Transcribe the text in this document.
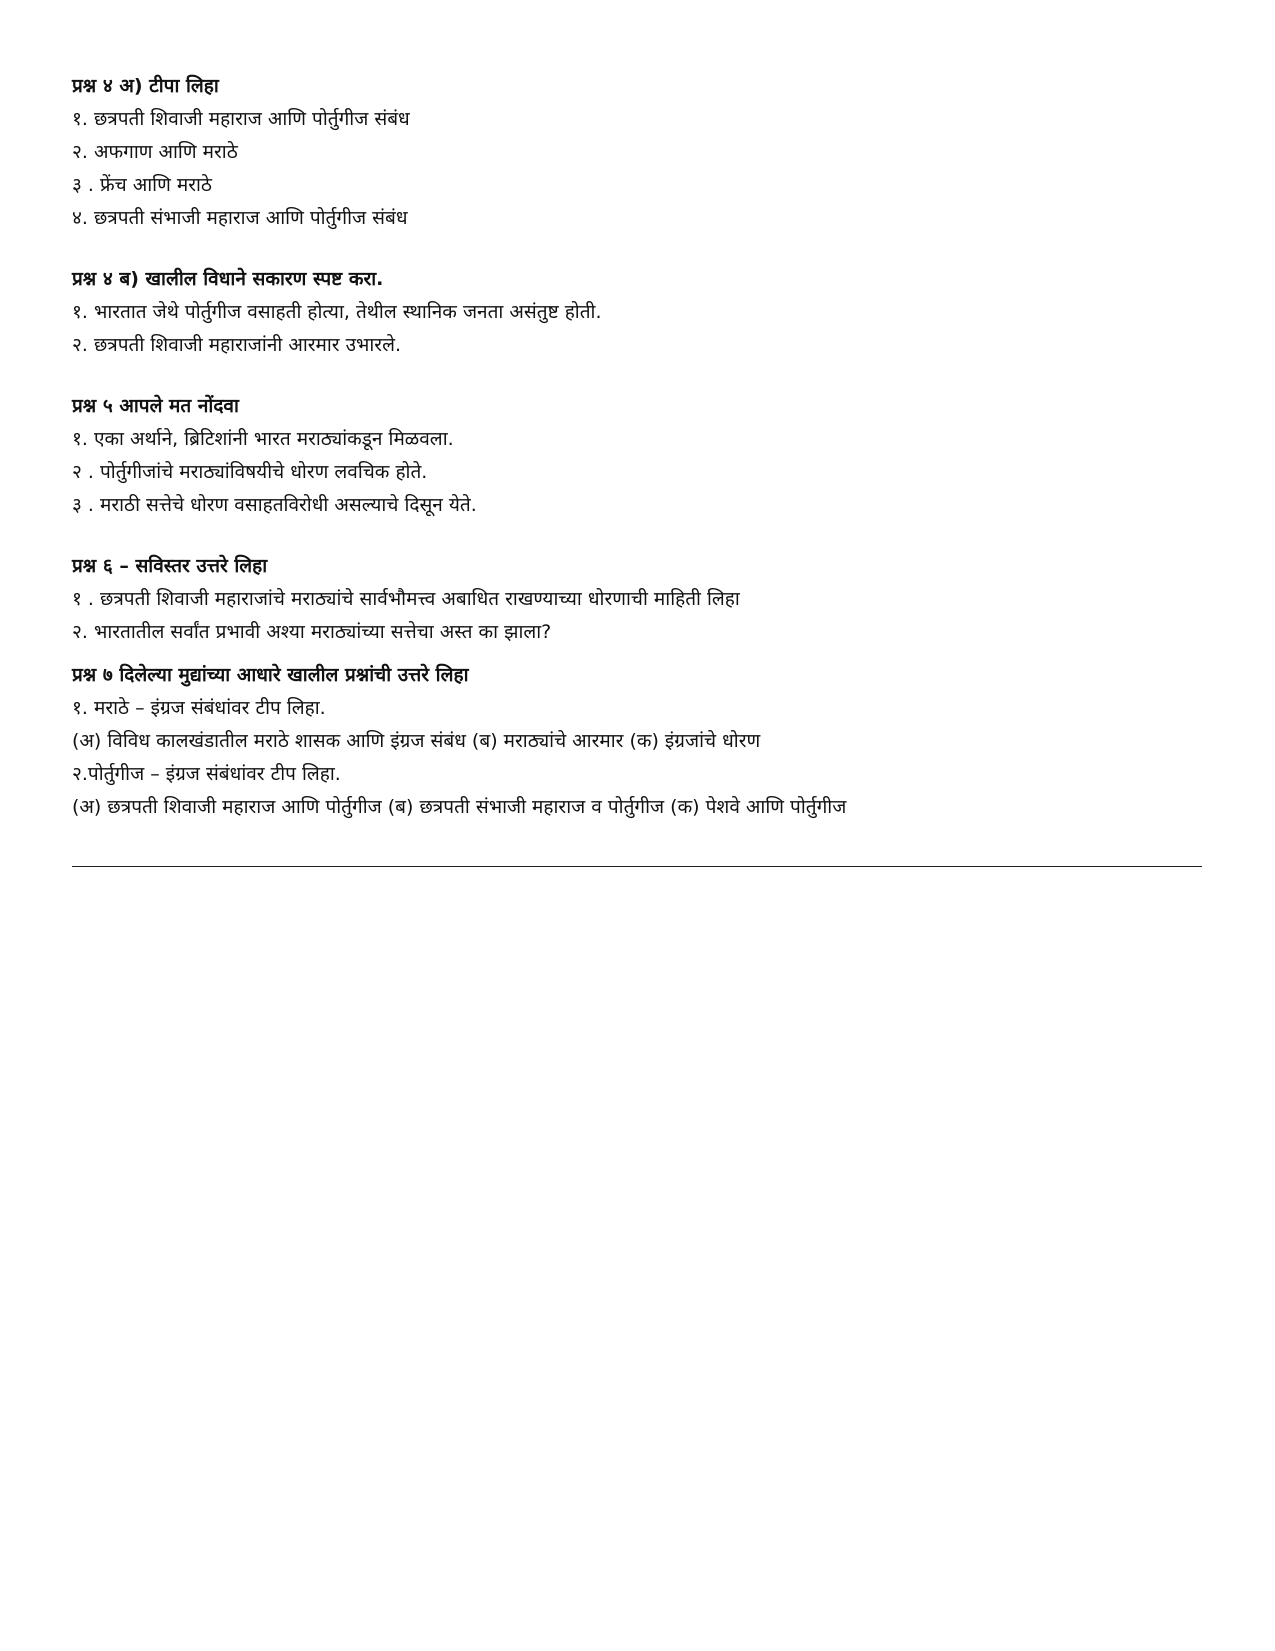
प्रश्न ४ अ) टीपा लिहा
१. छत्रपती शिवाजी महाराज आणि पोर्तुगीज संबंध
२. अफगाण आणि मराठे
३ . फ्रेंच आणि मराठे
४. छत्रपती संभाजी महाराज आणि पोर्तुगीज संबंध
प्रश्न ४ ब) खालील विधाने सकारण स्पष्ट करा.
१. भारतात जेथे पोर्तुगीज वसाहती होत्या, तेथील स्थानिक जनता असंतुष्ट होती.
२. छत्रपती शिवाजी महाराजांनी आरमार उभारले.
प्रश्न ५ आपले मत नोंदवा
१. एका अर्थाने, ब्रिटिशांनी भारत मराठ्यांकडून मिळवला.
२ . पोर्तुगीजांचे मराठ्यांविषयीचे धोरण लवचिक होते.
३ . मराठी सत्तेचे धोरण वसाहतविरोधी असल्याचे दिसून येते.
प्रश्न ६ – सविस्तर उत्तरे लिहा
१ . छत्रपती शिवाजी महाराजांचे मराठ्यांचे सार्वभौमत्त्व अबाधित राखण्याच्या धोरणाची माहिती लिहा
२. भारतातील सर्वांत प्रभावी अश्या मराठ्यांच्या सत्तेचा अस्त का झाला?
प्रश्न ७ दिलेल्या मुद्यांच्या आधारे खालील प्रश्नांची उत्तरे लिहा
१. मराठे – इंग्रज संबंधांवर टीप लिहा.
(अ) विविध कालखंडातील मराठे शासक आणि इंग्रज संबंध (ब) मराठ्यांचे आरमार (क) इंग्रजांचे धोरण
२.पोर्तुगीज – इंग्रज संबंधांवर टीप लिहा.
(अ) छत्रपती शिवाजी महाराज आणि पोर्तुगीज (ब) छत्रपती संभाजी महाराज व पोर्तुगीज (क) पेशवे आणि पोर्तुगीज
